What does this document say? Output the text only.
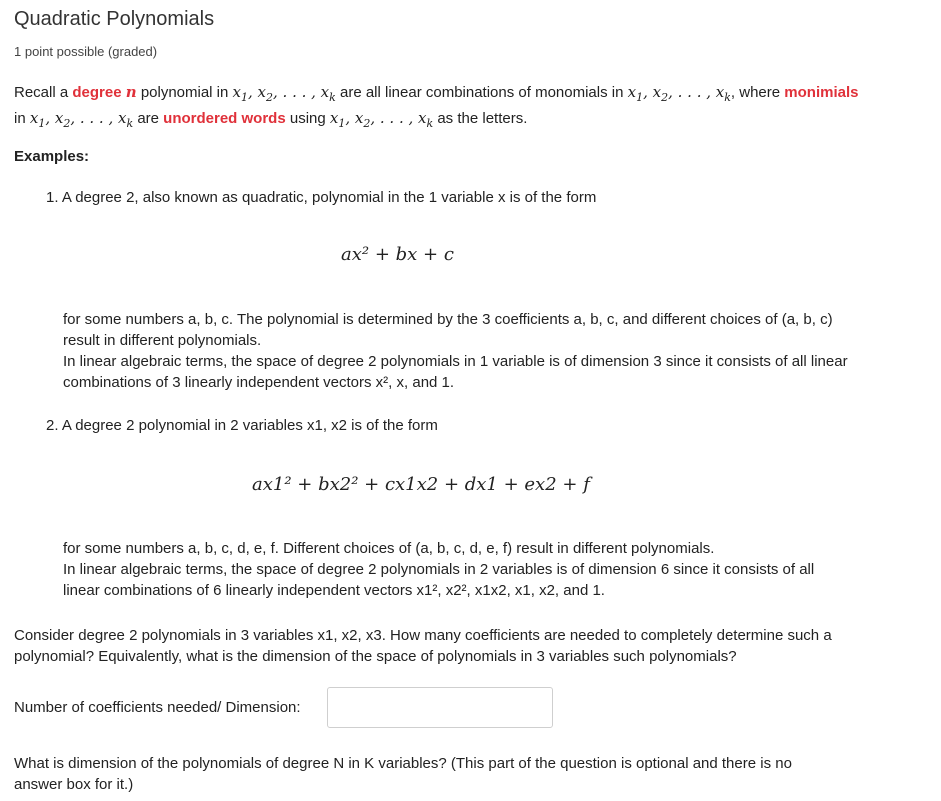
Quadratic Polynomials
1 point possible (graded)
Recall a degree n polynomial in $x_1$, $x_2$, . . . , $x_k$ are all linear combinations of monomials in $x_1$, $x_2$, . . . , $x_k$, where monimials
in $x_1$, $x_2$, . . . , $x_k$ are unordered words using $x_1$, $x_2$, . . . , $x_k$ as the letters.
Examples:
1. A degree 2, also known as quadratic, polynomial in the 1 variable x is of the form
ax² + bx + c
for some numbers a, b, c. The polynomial is determined by the 3 coefficients a, b, c, and different choices of (a, b, c)
result in different polynomials.
In linear algebraic terms, the space of degree 2 polynomials in 1 variable is of dimension 3 since it consists of all linear
combinations of 3 linearly independent vectors x², x, and 1.
2. A degree 2 polynomial in 2 variables x1, x2 is of the form
ax1² + bx2² + cx1x2 + dx1 + ex2 + f
for some numbers a, b, c, d, e, f. Different choices of (a, b, c, d, e, f) result in different polynomials.
In linear algebraic terms, the space of degree 2 polynomials in 2 variables is of dimension 6 since it consists of all
linear combinations of 6 linearly independent vectors x1², x2², x1x2, x1, x2, and 1.
Consider degree 2 polynomials in 3 variables x1, x2, x3. How many coefficients are needed to completely determine such a
polynomial? Equivalently, what is the dimension of the space of polynomials in 3 variables such polynomials?
Number of coefficients needed/ Dimension:
What is dimension of the polynomials of degree N in K variables? (This part of the question is optional and there is no
answer box for it.)
